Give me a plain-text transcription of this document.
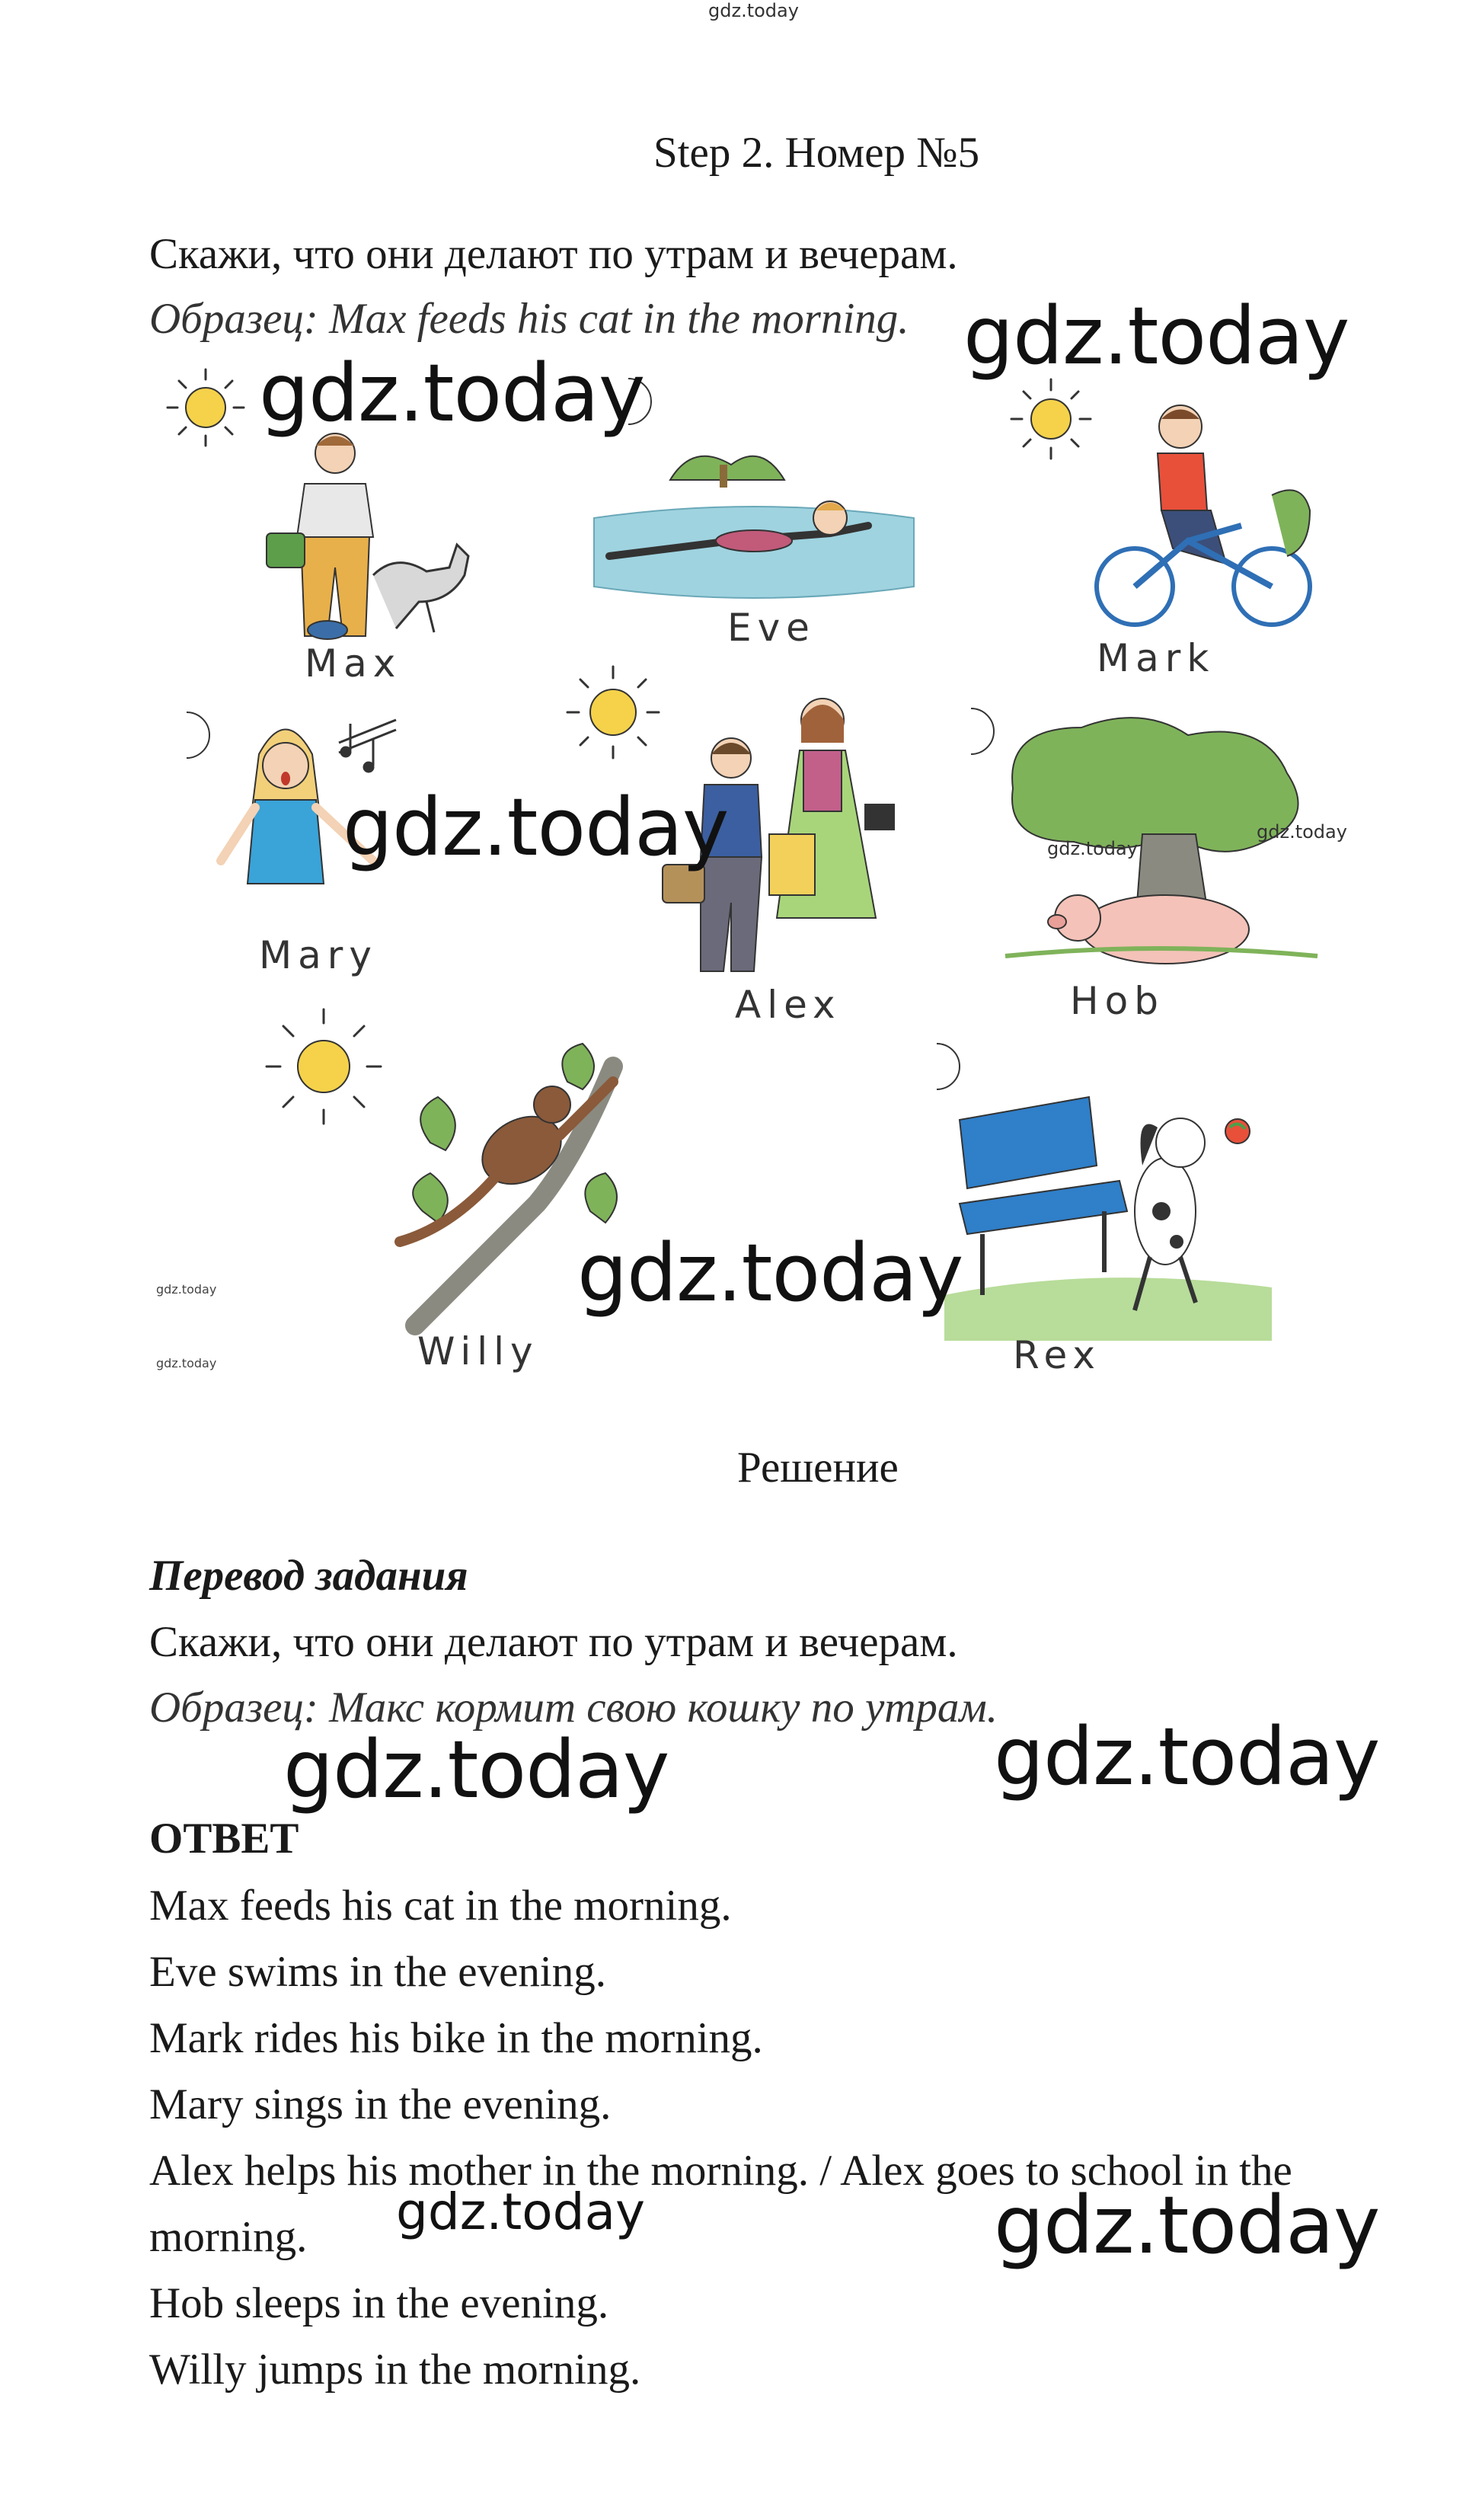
gdz.today
Step 2. Номер №5
Скажи, что они делают по утрам и вечерам.
Образец: Max feeds his cat in the morning.
Max
Eve
Mark
Mary
Alex
gdz.today
gdz.today
Hob
Willy	Rex
gdz.today
gdz.today
Решение
Перевод задания
Скажи, что они делают по утрам и вечерам.
Образец: Макс кормит свою кошку по утрам.
ОТВЕТ
Max feeds his cat in the morning.
Eve swims in the evening.
Mark rides his bike in the morning.
Mary sings in the evening.
Alex helps his mother in the morning. / Alex goes to school in the
morning.
Hob sleeps in the evening.
Willy jumps in the morning.
gdz.today
gdz.today
gdz.today
gdz.today
gdz.today	gdz.today
gdz.today	gdz.today
